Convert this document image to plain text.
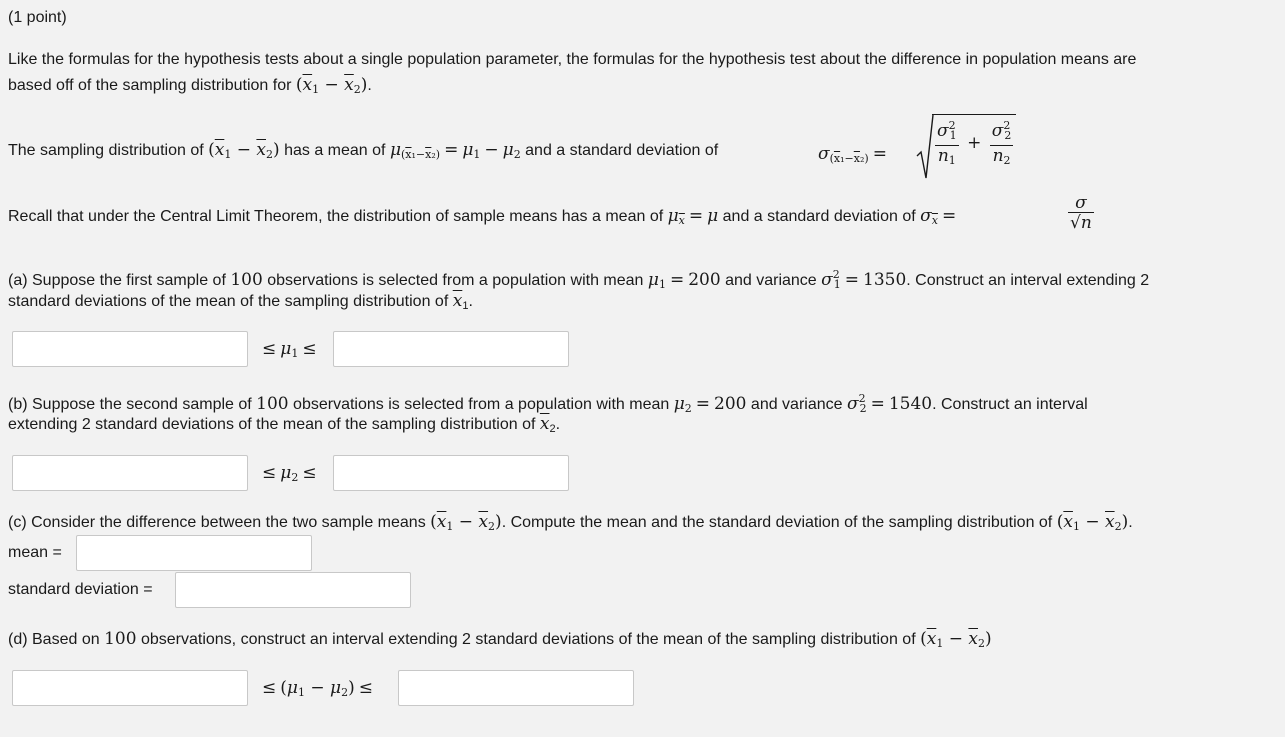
(1 point)
Like the formulas for the hypothesis tests about a single population parameter, the formulas for the hypothesis test about the difference in population means are
based off of the sampling distribution for $(\overline{x}_1 - \overline{x}_2)$.
The sampling distribution of $(\overline{x}_1 - \overline{x}_2)$ has a mean of $\mu_{(\overline{x}_1-\overline{x}_2)} = \mu_1 - \mu_2$ and a standard deviation of	$\sigma_{(\overline{x}_1-\overline{x}_2)}$ =	$\frac{\sigma^2_1}{n_1} + \frac{\sigma^2_2}{n_2}$
Recall that under the Central Limit Theorem, the distribution of sample means has a mean of $\mu\overline{x} = \mu$ and a standard deviation of $\sigma\overline{x}$ =	$\frac{\sigma}{√n}$
(a) Suppose the first sample of 100 observations is selected from a population with mean $\mu_1 = 200$ and variance $\sigma^2_1 = 1350$. Construct an interval extending 2
standard deviations of the mean of the sampling distribution of $\overline{x}_1$.
≤ $\mu_1$ ≤
(b) Suppose the second sample of 100 observations is selected from a population with mean $\mu_2 = 200$ and variance $\sigma^2_2 = 1540$. Construct an interval
extending 2 standard deviations of the mean of the sampling distribution of $\overline{x}_2$.
≤ $\mu_2$ ≤
(c) Consider the difference between the two sample means $(\overline{x}_1 - \overline{x}_2)$. Compute the mean and the standard deviation of the sampling distribution of $(\overline{x}_1 - \overline{x}_2)$.
mean =
standard deviation =
(d) Based on 100 observations, construct an interval extending 2 standard deviations of the mean of the sampling distribution of $(\overline{x}_1 - \overline{x}_2)$
≤ $(\mu_1 - \mu_2)$ ≤
